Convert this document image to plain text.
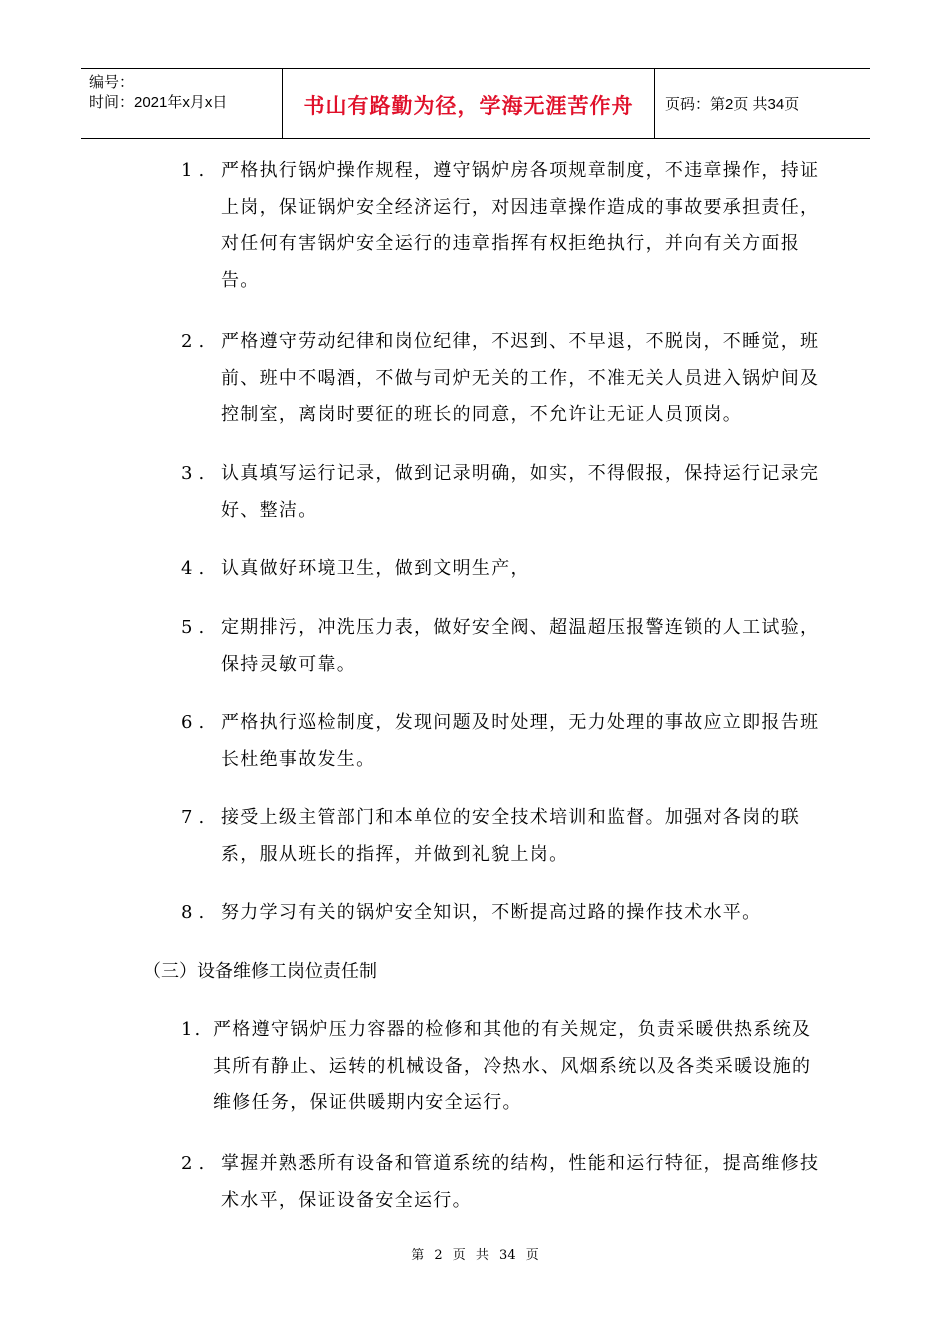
编号：
时间：2021年x月x日	书山有路勤为径，学海无涯苦作舟 页码：第2页 共34页
1. 严格执行锅炉操作规程，遵守锅炉房各项规章制度，不违章操作，持证上岗，保证锅炉安全经济运行，对因违章操作造成的事故要承担责任，对任何有害锅炉安全运行的违章指挥有权拒绝执行，并向有关方面报告。
2. 严格遵守劳动纪律和岗位纪律，不迟到、不早退，不脱岗，不睡觉，班前、班中不喝酒，不做与司炉无关的工作，不准无关人员进入锅炉间及控制室，离岗时要征的班长的同意，不允许让无证人员顶岗。
3. 认真填写运行记录，做到记录明确，如实，不得假报，保持运行记录完好、整洁。
4. 认真做好环境卫生，做到文明生产，
5. 定期排污，冲洗压力表，做好安全阀、超温超压报警连锁的人工试验，保持灵敏可靠。
6. 严格执行巡检制度，发现问题及时处理，无力处理的事故应立即报告班长杜绝事故发生。
7. 接受上级主管部门和本单位的安全技术培训和监督。加强对各岗的联系，服从班长的指挥，并做到礼貌上岗。
8. 努力学习有关的锅炉安全知识，不断提高过路的操作技术水平。
（三）设备维修工岗位责任制
1. 严格遵守锅炉压力容器的检修和其他的有关规定，负责采暖供热系统及其所有静止、运转的机械设备，冷热水、风烟系统以及各类采暖设施的维修任务，保证供暖期内安全运行。
2. 掌握并熟悉所有设备和管道系统的结构，性能和运行特征，提高维修技术水平，保证设备安全运行。
第 2 页 共 34 页
